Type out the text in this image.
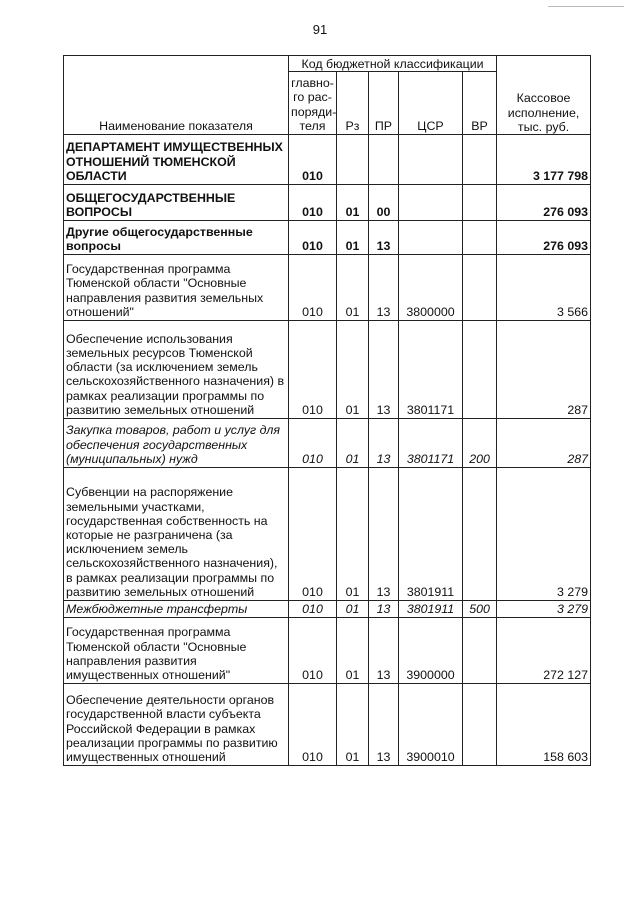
91
Наименование показателя	Код бюджетной классификации					Кассовое исполнение, тыс. руб.
	главно-го рас-поряди-теля	Рз	ПР	ЦСР	ВР	
ДЕПАРТАМЕНТ ИМУЩЕСТВЕННЫХ ОТНОШЕНИЙ ТЮМЕНСКОЙ ОБЛАСТИ	010					3 177 798
ОБЩЕГОСУДАРСТВЕННЫЕ ВОПРОСЫ	010	01	00			276 093
Другие общегосударственные вопросы	010	01	13			276 093
Государственная программа Тюменской области "Основные направления развития земельных отношений"	010	01	13	3800000		3 566
Обеспечение использования земельных ресурсов Тюменской области (за исключением земель сельскохозяйственного назначения) в рамках реализации программы по развитию земельных отношений	010	01	13	3801171		287
Закупка товаров, работ и услуг для обеспечения государственных (муниципальных) нужд	010	01	13	3801171	200	287
Субвенции на распоряжение земельными участками, государственная собственность на которые не разграничена (за исключением земель сельскохозяйственного назначения), в рамках реализации программы по развитию земельных отношений	010	01	13	3801911		3 279
Межбюджетные трансферты	010	01	13	3801911	500	3 279
Государственная программа Тюменской области "Основные направления развития имущественных отношений"	010	01	13	3900000		272 127
Обеспечение деятельности органов государственной власти субъекта Российской Федерации в рамках реализации программы по развитию имущественных отношений	010	01	13	3900010		158 603
